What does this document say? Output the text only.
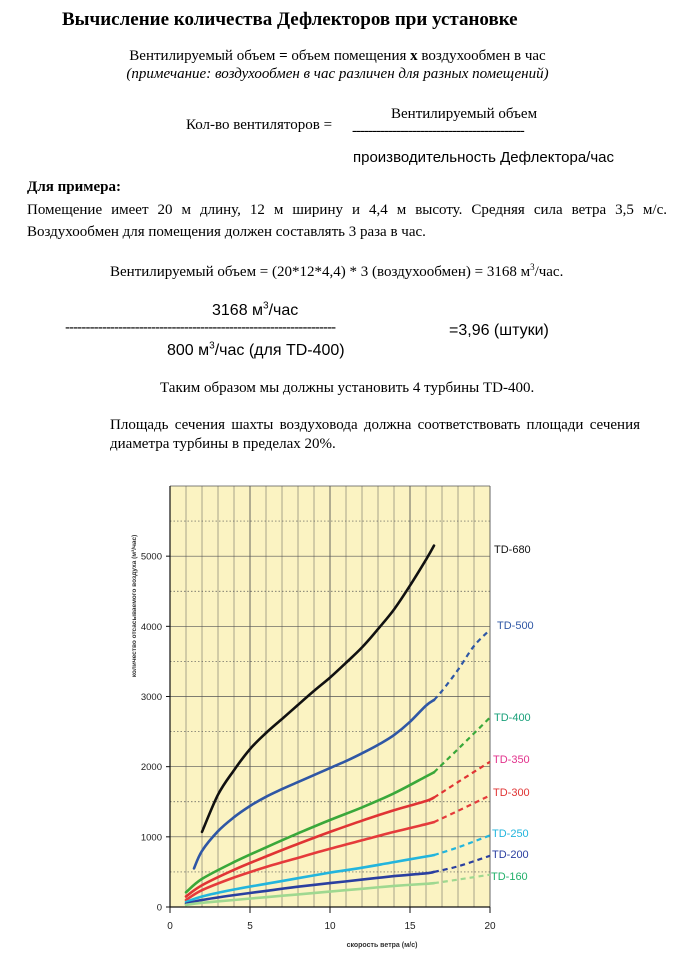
Вычисление количества Дефлекторов при установке
Вентилируемый объем = объем помещения x воздухообмен в час
(примечание: воздухообмен в час различен для разных помещений)
Кол-во вентиляторов =
Вентилируемый объем
-------------------------------------------
производительность Дефлектора/час
Для примера:
Помещение имеет 20 м длину, 12 м ширину и 4,4 м высоту. Средняя сила ветра 3,5 м/с. Воздухообмен для помещения должен составлять 3 раза в час.
Вентилируемый объем = (20*12*4,4) * 3 (воздухообмен) = 3168 $м^3$/час.
3168 $м^3$/час
------------------------------------------------------------------	=3,96 (штуки)
800 $м^3$/час (для TD-400)
Таким образом мы должны установить 4 турбины TD-400.
Площадь сечения шахты воздуховода должна соответствовать площади сечения диаметра турбины в пределах 20%.
0	5	10	15	20
0
1000
2000
3000
4000
5000
скорость ветра (м/с)
количество отсасываемого воздуха (м³/час)	TD-680
TD-500
TD-400
TD-350
TD-300
TD-250
TD-200
TD-160
